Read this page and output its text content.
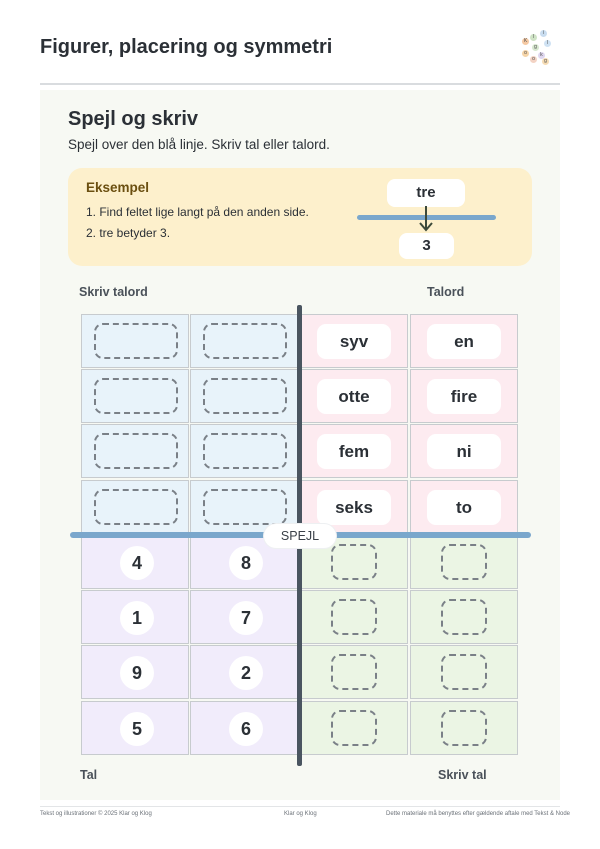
Figurer, placering og symmetri	K
l
i
o
g
k
l
o	g
Spejl og skriv
Spejl over den blå linje. Skriv tal eller talord.
Eksempel
1. Find feltet lige langt på den anden side.
2. tre betyder 3.
tre
3
Skriv talord	Talord
syv	en
otte	fire
fem	ni
seks	to
4	8
1	7
9	2
5	6
SPEJL
Tal	Skriv tal
Tekst og illustrationer © 2025 Klar og Klog	Klar og Klog	Dette materiale må benyttes efter gældende aftale med Tekst & Node
